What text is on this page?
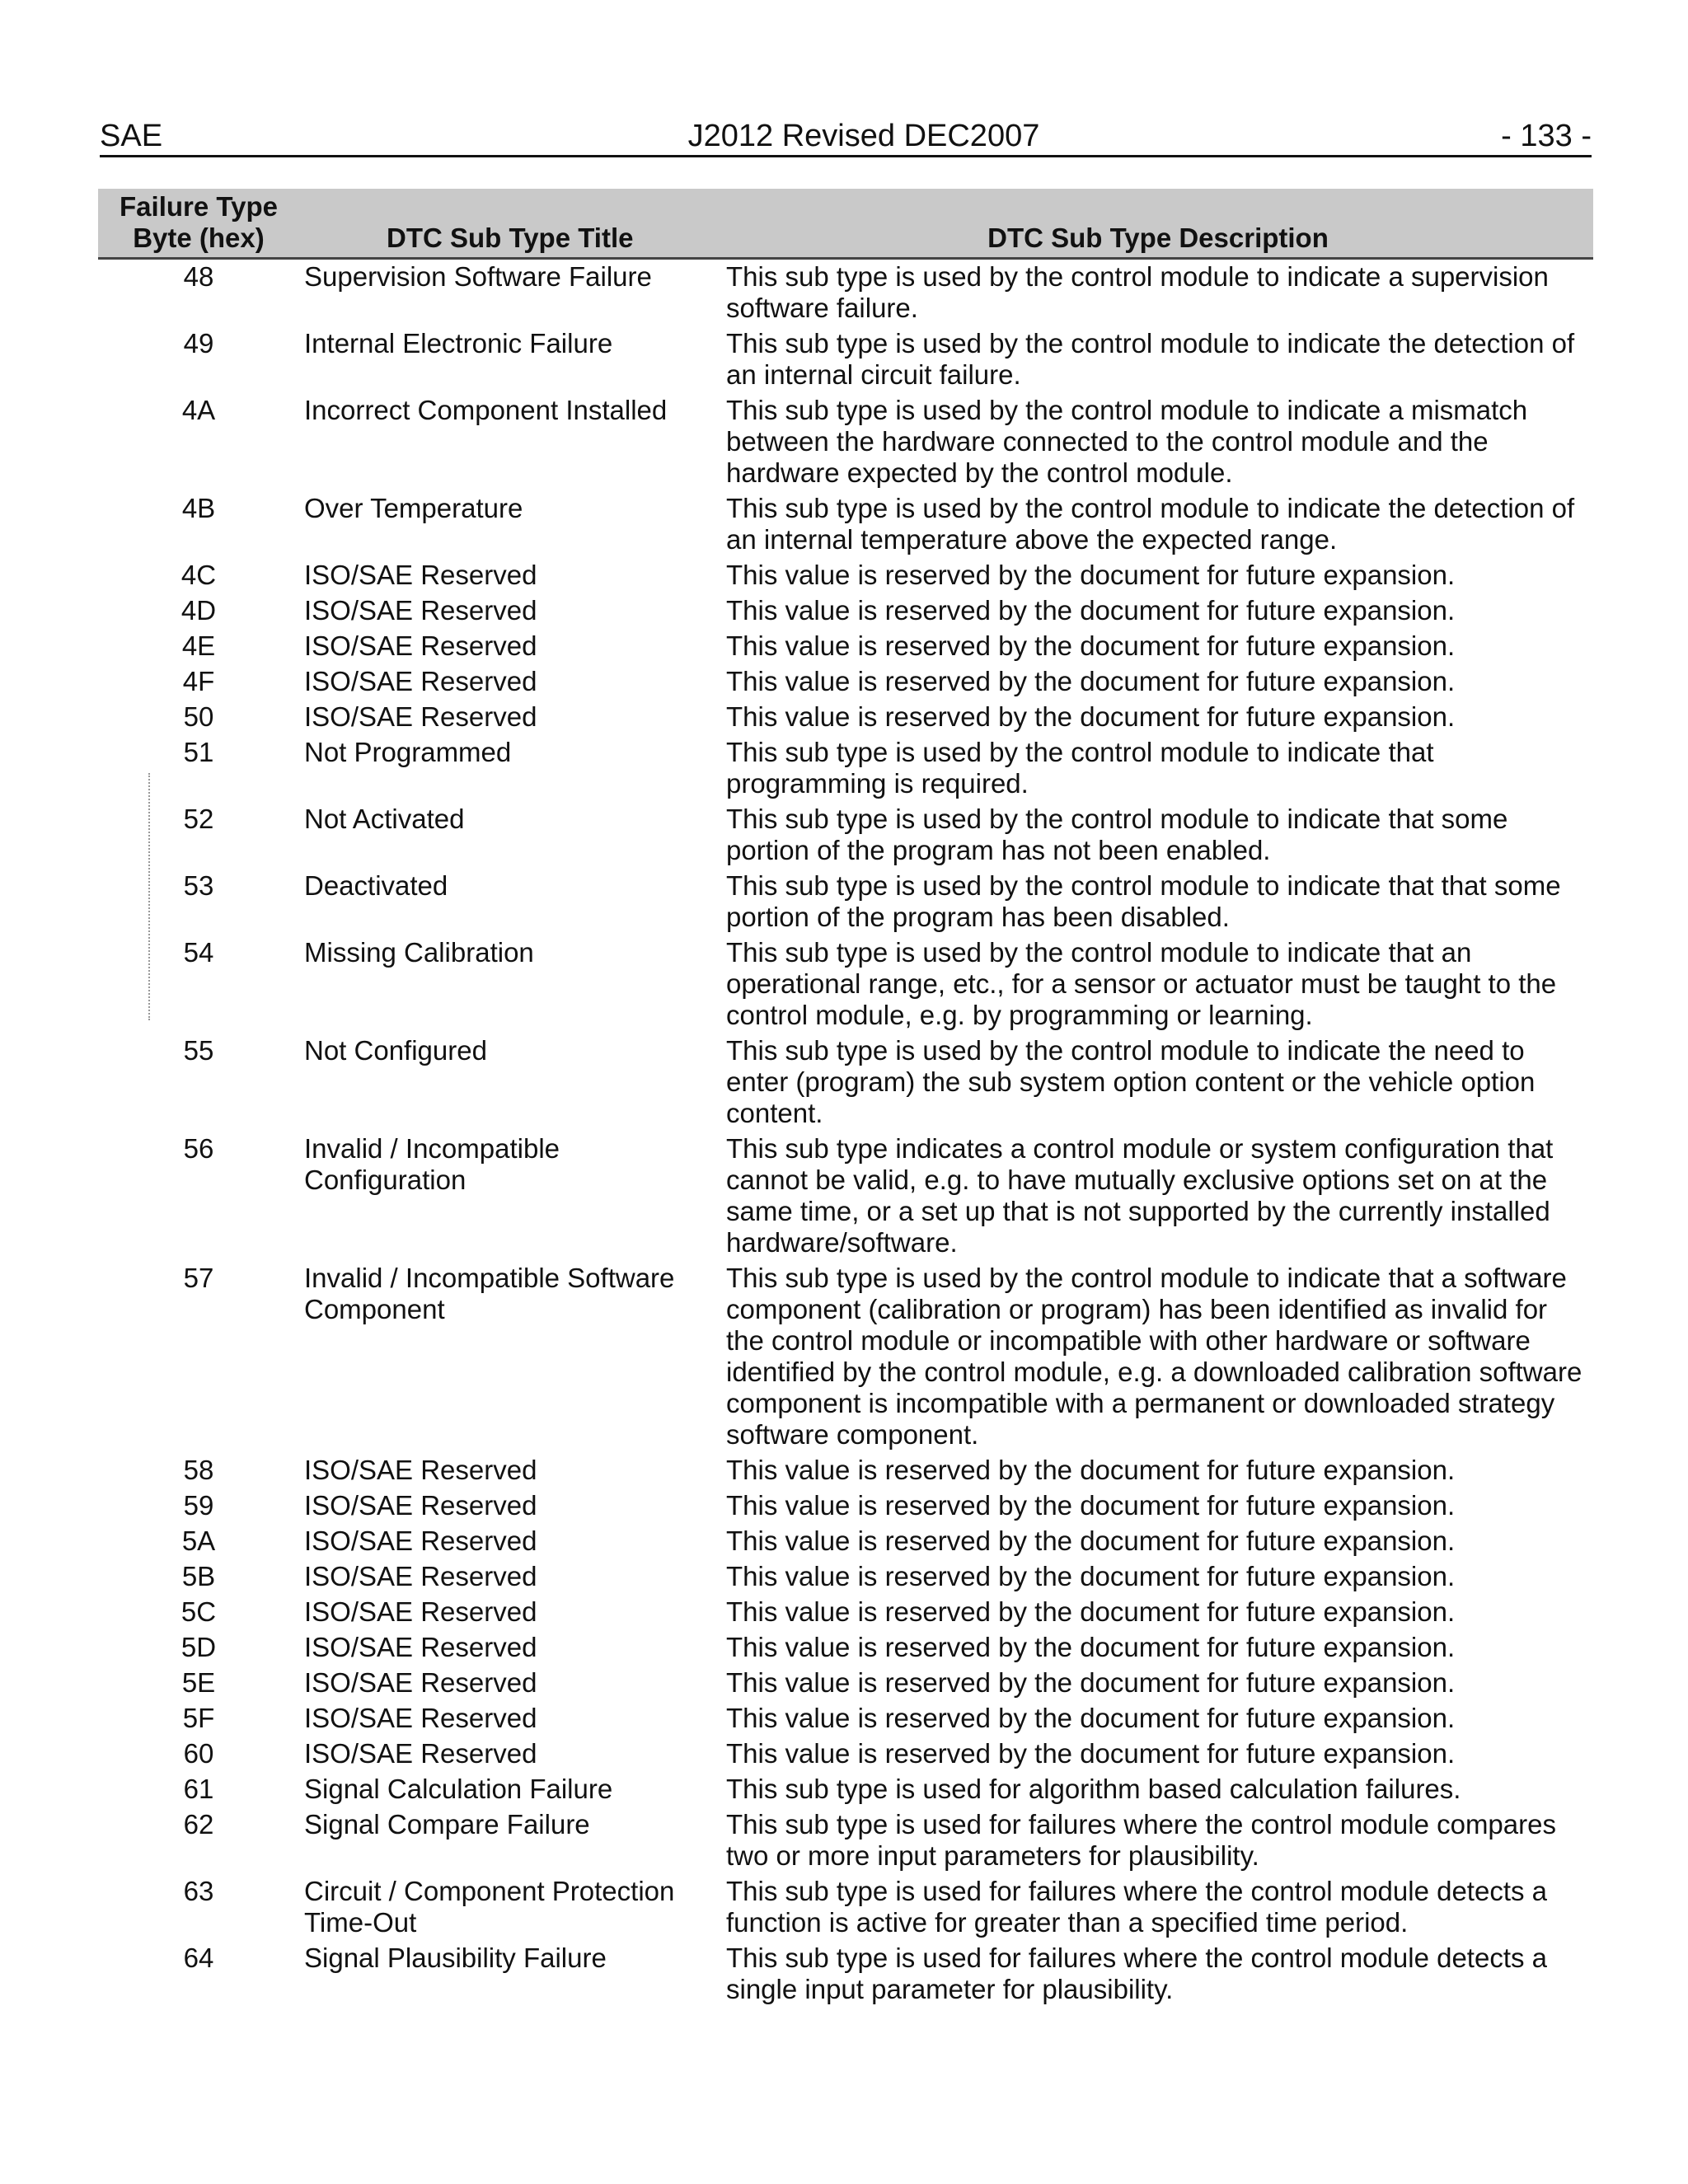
SAE	J2012 Revised DEC2007	- 133 -
Failure Type
Byte (hex)	DTC Sub Type Title	DTC Sub Type Description
48	Supervision Software Failure	This sub type is used by the control module to indicate a supervision software failure.
49	Internal Electronic Failure	This sub type is used by the control module to indicate the detection of an internal circuit failure.
4A	Incorrect Component Installed	This sub type is used by the control module to indicate a mismatch between the hardware connected to the control module and the hardware expected by the control module.
4B	Over Temperature	This sub type is used by the control module to indicate the detection of an internal temperature above the expected range.
4C	ISO/SAE Reserved	This value is reserved by the document for future expansion.
4D	ISO/SAE Reserved	This value is reserved by the document for future expansion.
4E	ISO/SAE Reserved	This value is reserved by the document for future expansion.
4F	ISO/SAE Reserved	This value is reserved by the document for future expansion.
50	ISO/SAE Reserved	This value is reserved by the document for future expansion.
51	Not Programmed	This sub type is used by the control module to indicate that programming is required.
52	Not Activated	This sub type is used by the control module to indicate that some portion of the program has not been enabled.
53	Deactivated	This sub type is used by the control module to indicate that that some portion of the program has been disabled.
54	Missing Calibration	This sub type is used by the control module to indicate that an operational range, etc., for a sensor or actuator must be taught to the control module, e.g. by programming or learning.
55	Not Configured	This sub type is used by the control module to indicate the need to enter (program) the sub system option content or the vehicle option content.
56	Invalid / Incompatible Configuration	This sub type indicates a control module or system configuration that cannot be valid, e.g. to have mutually exclusive options set on at the same time, or a set up that is not supported by the currently installed hardware/software.
57	Invalid / Incompatible Software Component	This sub type is used by the control module to indicate that a software component (calibration or program) has been identified as invalid for the control module or incompatible with other hardware or software identified by the control module, e.g. a downloaded calibration software component is incompatible with a permanent or downloaded strategy software component.
58	ISO/SAE Reserved	This value is reserved by the document for future expansion.
59	ISO/SAE Reserved	This value is reserved by the document for future expansion.
5A	ISO/SAE Reserved	This value is reserved by the document for future expansion.
5B	ISO/SAE Reserved	This value is reserved by the document for future expansion.
5C	ISO/SAE Reserved	This value is reserved by the document for future expansion.
5D	ISO/SAE Reserved	This value is reserved by the document for future expansion.
5E	ISO/SAE Reserved	This value is reserved by the document for future expansion.
5F	ISO/SAE Reserved	This value is reserved by the document for future expansion.
60	ISO/SAE Reserved	This value is reserved by the document for future expansion.
61	Signal Calculation Failure	This sub type is used for algorithm based calculation failures.
62	Signal Compare Failure	This sub type is used for failures where the control module compares two or more input parameters for plausibility.
63	Circuit / Component Protection Time-Out	This sub type is used for failures where the control module detects a function is active for greater than a specified time period.
64	Signal Plausibility Failure	This sub type is used for failures where the control module detects a single input parameter for plausibility.
